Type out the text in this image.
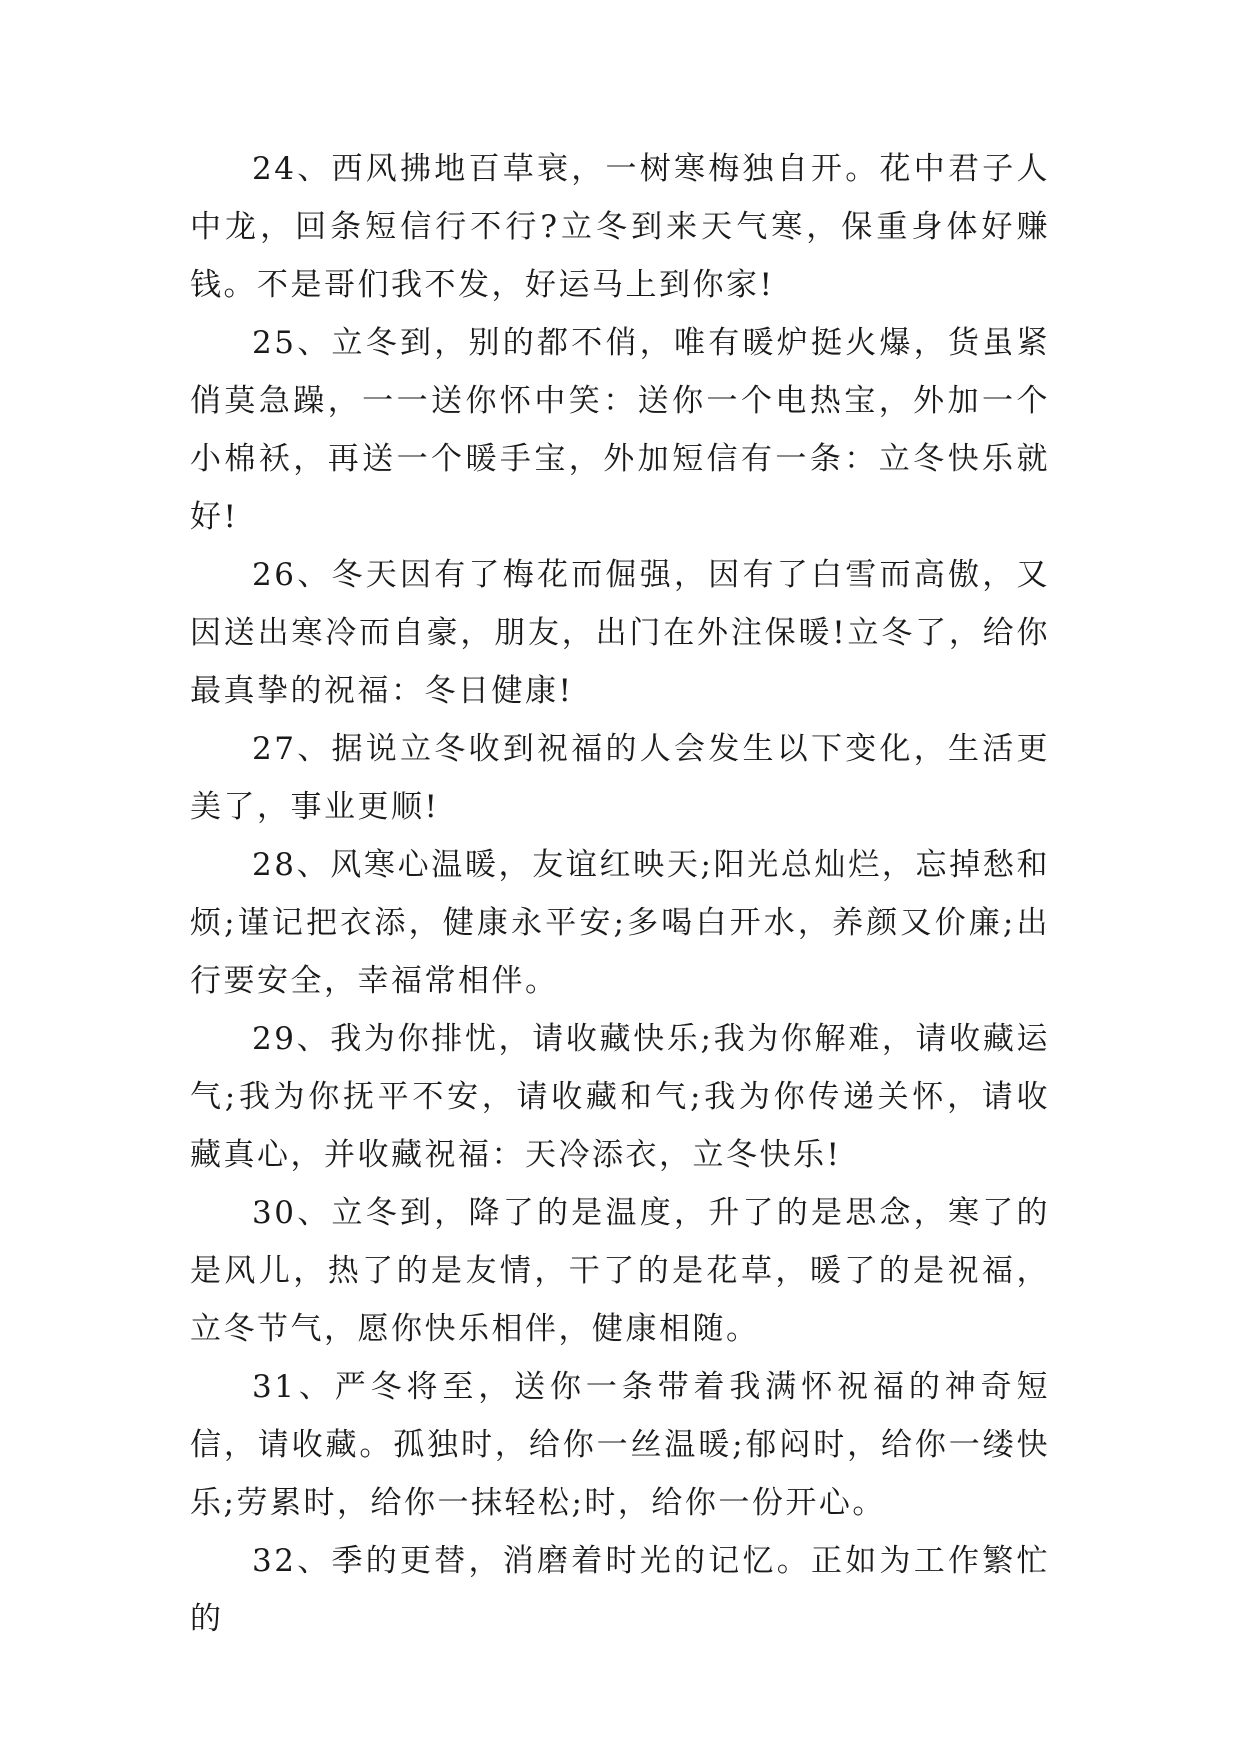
24、西风拂地百草衰，一树寒梅独自开。花中君子人中龙，回条短信行不行?立冬到来天气寒，保重身体好赚钱。不是哥们我不发，好运马上到你家!

25、立冬到，别的都不俏，唯有暖炉挺火爆，货虽紧俏莫急躁，一一送你怀中笑：送你一个电热宝，外加一个小棉袄，再送一个暖手宝，外加短信有一条：立冬快乐就好!

26、冬天因有了梅花而倔强，因有了白雪而高傲，又因送出寒冷而自豪，朋友，出门在外注保暖!立冬了，给你最真挚的祝福：冬日健康!

27、据说立冬收到祝福的人会发生以下变化，生活更美了，事业更顺!

28、风寒心温暖，友谊红映天;阳光总灿烂，忘掉愁和烦;谨记把衣添，健康永平安;多喝白开水，养颜又价廉;出行要安全，幸福常相伴。

29、我为你排忧，请收藏快乐;我为你解难，请收藏运气;我为你抚平不安，请收藏和气;我为你传递关怀，请收藏真心，并收藏祝福：天冷添衣，立冬快乐!

30、立冬到，降了的是温度，升了的是思念，寒了的是风儿，热了的是友情，干了的是花草，暖了的是祝福，立冬节气，愿你快乐相伴，健康相随。

31、严冬将至，送你一条带着我满怀祝福的神奇短信，请收藏。孤独时，给你一丝温暖;郁闷时，给你一缕快乐;劳累时，给你一抹轻松;时，给你一份开心。

32、季的更替，消磨着时光的记忆。正如为工作繁忙的
